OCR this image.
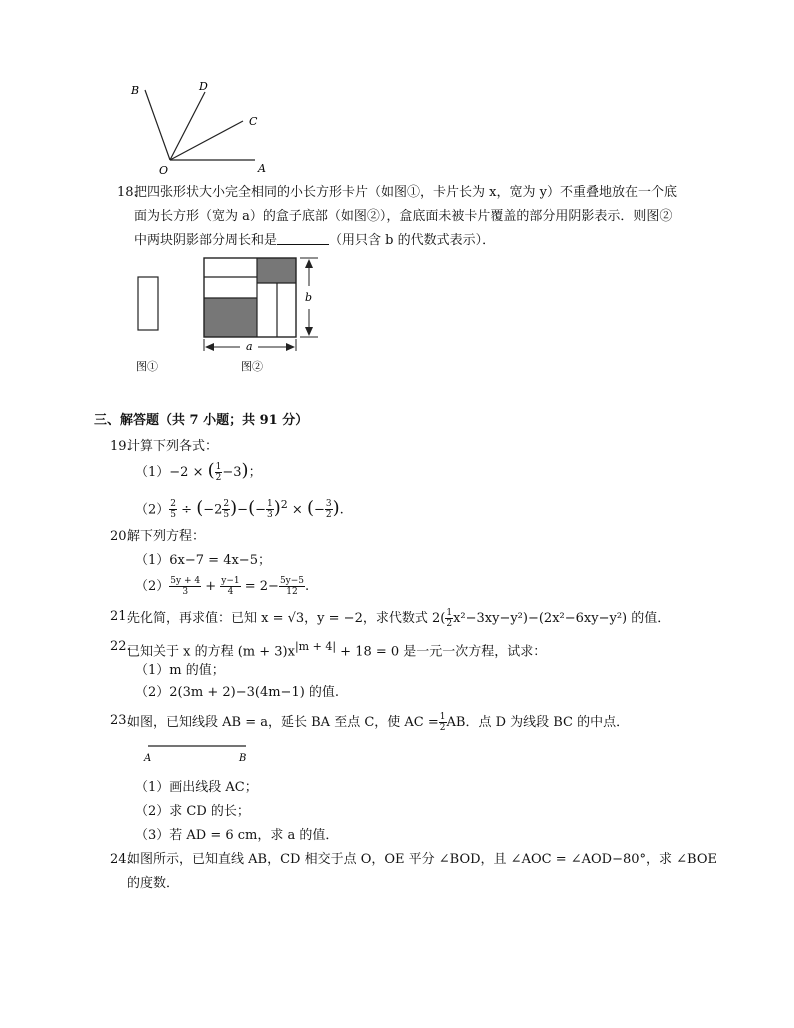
B	D
C
O	A
18.
把四张形状大小完全相同的小长方形卡片（如图①，卡片长为 x，宽为 y）不重叠地放在一个底
面为长方形（宽为 a）的盒子底部（如图②），盒底面未被卡片覆盖的部分用阴影表示．则图②
中两块阴影部分周长和是	（用只含 b 的代数式表示）．
b
a
图①	图②
三、解答题（共 7 小题；共 91 分）
19.
计算下列各式：
（1）−2 × ( $\frac{1}{2} -3$)；
$(2) \frac{2}{5} \div (-2 \frac{2}{5}$ )−(− $\frac{1}{3} )^2$ × (− $\frac{3}{2}$ ).
20.
解下列方程：
（1）6x−7 = 4x−5；
$(2) \frac{5y + 4}{3} + \frac{y-1}{4} = 2- \frac{5y-5}{12}$ .
21.
先化简，再求值：已知 x = √3，y = −2，求代数式 $2( \frac{1}{2} x^2-3xy-y^2)-(2x^2-6xy-y^2)$ 的值．
22.
已知关于 x 的方程 $(m + 3)x^{|m + 4|} + 18 = 0$ 是一元一次方程，试求：
（1）m 的值；
（2）2(3m + 2)−3(4m−1) 的值.
23.
如图，已知线段 AB = a，延长 BA 至点 C，使 AC = $\frac{1}{2}$ AB．点 D 为线段 BC 的中点．
A	B
（1）画出线段 AC；
（2）求 CD 的长；
（3）若 AD = 6 cm，求 a 的值．
24.
如图所示，已知直线 AB，CD 相交于点 O，OE 平分 ∠BOD，且 ∠AOC = ∠AOD−80°，求 ∠BOE
的度数．
